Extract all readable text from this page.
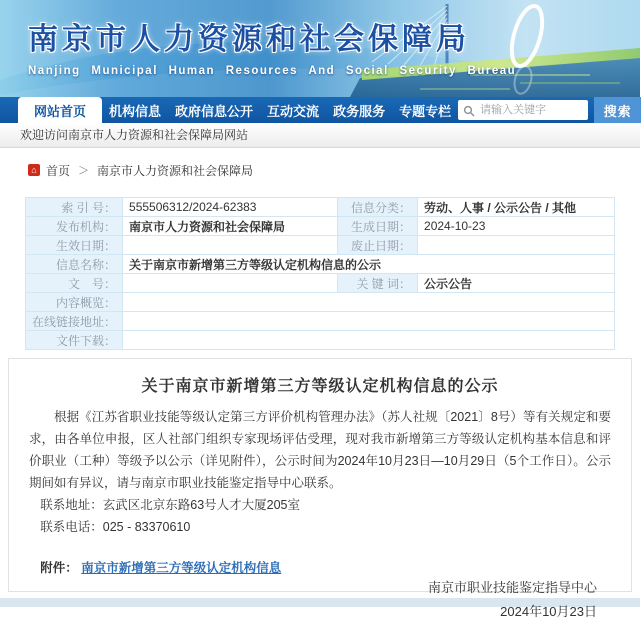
南京市人力资源和社会保障局
Nanjing Municipal Human Resources And Social Security Bureau
网站首页	机构信息	政府信息公开	互动交流	政务服务	专题专栏
请输入关键字	搜索
欢迎访问南京市人力资源和社会保障局网站
⌂ 首页 ＞ 南京市人力资源和社会保障局
索 引 号：	555506312/2024-62383	信息分类：	劳动、人事 / 公示公告 / 其他
发布机构：	南京市人力资源和社会保障局	生成日期：	2024-10-23
生效日期：		废止日期：	
信息名称：	关于南京市新增第三方等级认定机构信息的公示		
文　号：		关 键 词：	公示公告
内容概览：			
在线链接地址：			
文件下载：			
关于南京市新增第三方等级认定机构信息的公示
根据《江苏省职业技能等级认定第三方评价机构管理办法》（苏人社规〔2021〕8号）等有关规定和要求，由各单位申报，区人社部门组织专家现场评估受理，现对我市新增第三方等级认定机构基本信息和评价职业（工种）等级予以公示（详见附件），公示时间为2024年10月23日—10月29日（5个工作日）。公示期间如有异议，请与南京市职业技能鉴定指导中心联系。
联系地址：玄武区北京东路63号人才大厦205室
联系电话：025 - 83370610
附件： 南京市新增第三方等级认定机构信息
南京市职业技能鉴定指导中心
2024年10月23日
